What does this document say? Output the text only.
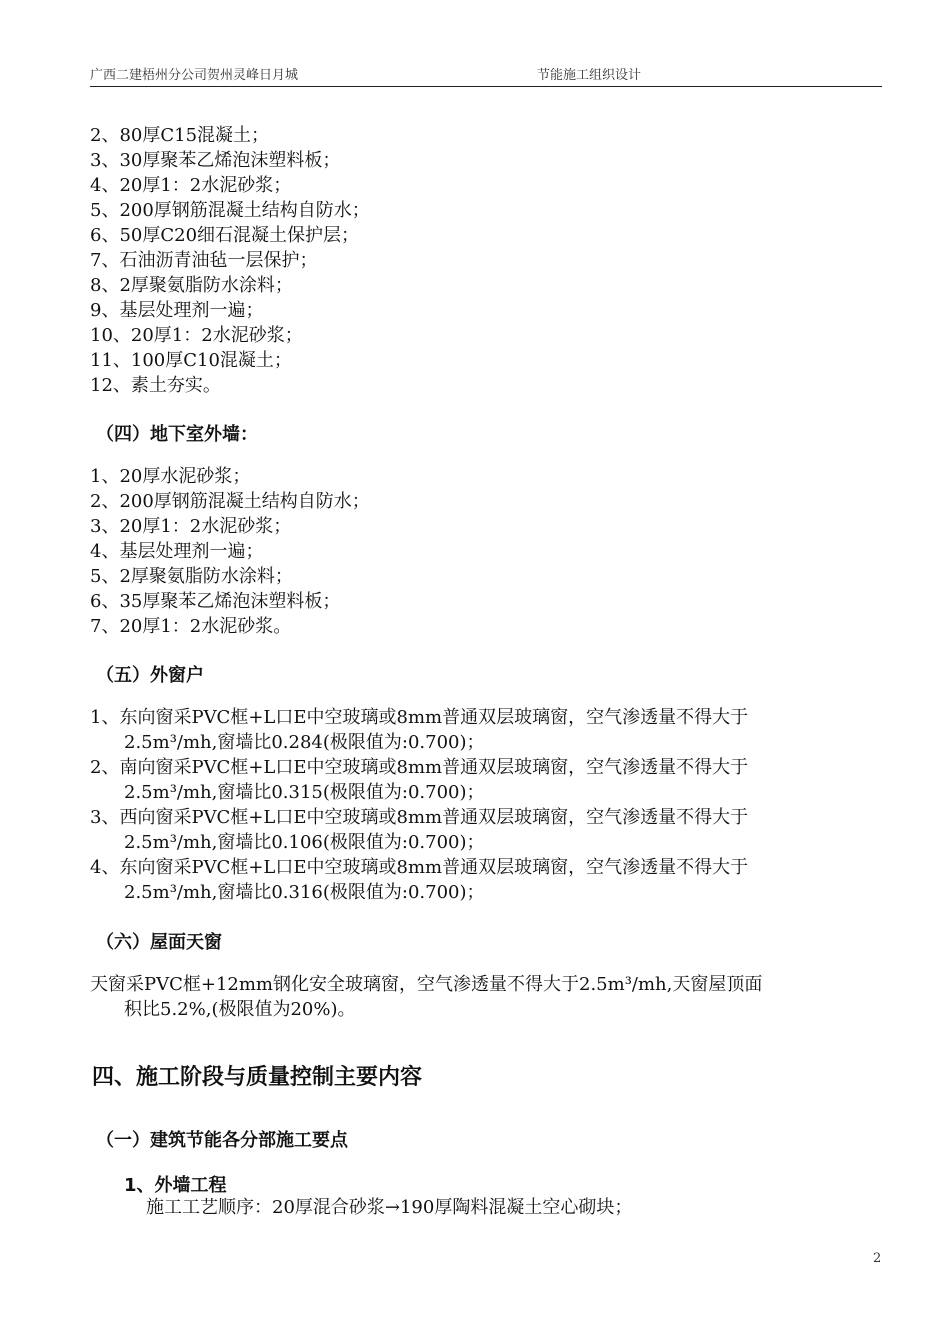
广西二建梧州分公司贺州灵峰日月城	节能施工组织设计
2、80厚C15混凝土；
3、30厚聚苯乙烯泡沫塑料板；
4、20厚1：2水泥砂浆；
5、200厚钢筋混凝土结构自防水；
6、50厚C20细石混凝土保护层；
7、石油沥青油毡一层保护；
8、2厚聚氨脂防水涂料；
9、基层处理剂一遍；
10、20厚1：2水泥砂浆；
11、100厚C10混凝土；
12、素土夯实。
（四）地下室外墙：
1、20厚水泥砂浆；
2、200厚钢筋混凝土结构自防水；
3、20厚1：2水泥砂浆；
4、基层处理剂一遍；
5、2厚聚氨脂防水涂料；
6、35厚聚苯乙烯泡沫塑料板；
7、20厚1：2水泥砂浆。
（五）外窗户
1、东向窗采PVC框+L口E中空玻璃或8mm普通双层玻璃窗，空气渗透量不得大于
2.5m³/mh,窗墙比0.284(极限值为:0.700)；
2、南向窗采PVC框+L口E中空玻璃或8mm普通双层玻璃窗，空气渗透量不得大于
2.5m³/mh,窗墙比0.315(极限值为:0.700)；
3、西向窗采PVC框+L口E中空玻璃或8mm普通双层玻璃窗，空气渗透量不得大于
2.5m³/mh,窗墙比0.106(极限值为:0.700)；
4、东向窗采PVC框+L口E中空玻璃或8mm普通双层玻璃窗，空气渗透量不得大于
2.5m³/mh,窗墙比0.316(极限值为:0.700)；
（六）屋面天窗
天窗采PVC框+12mm钢化安全玻璃窗，空气渗透量不得大于2.5m³/mh,天窗屋顶面
积比5.2%,(极限值为20%)。
四、施工阶段与质量控制主要内容
（一）建筑节能各分部施工要点
1、外墙工程
施工工艺顺序：20厚混合砂浆→190厚陶料混凝土空心砌块；
2
